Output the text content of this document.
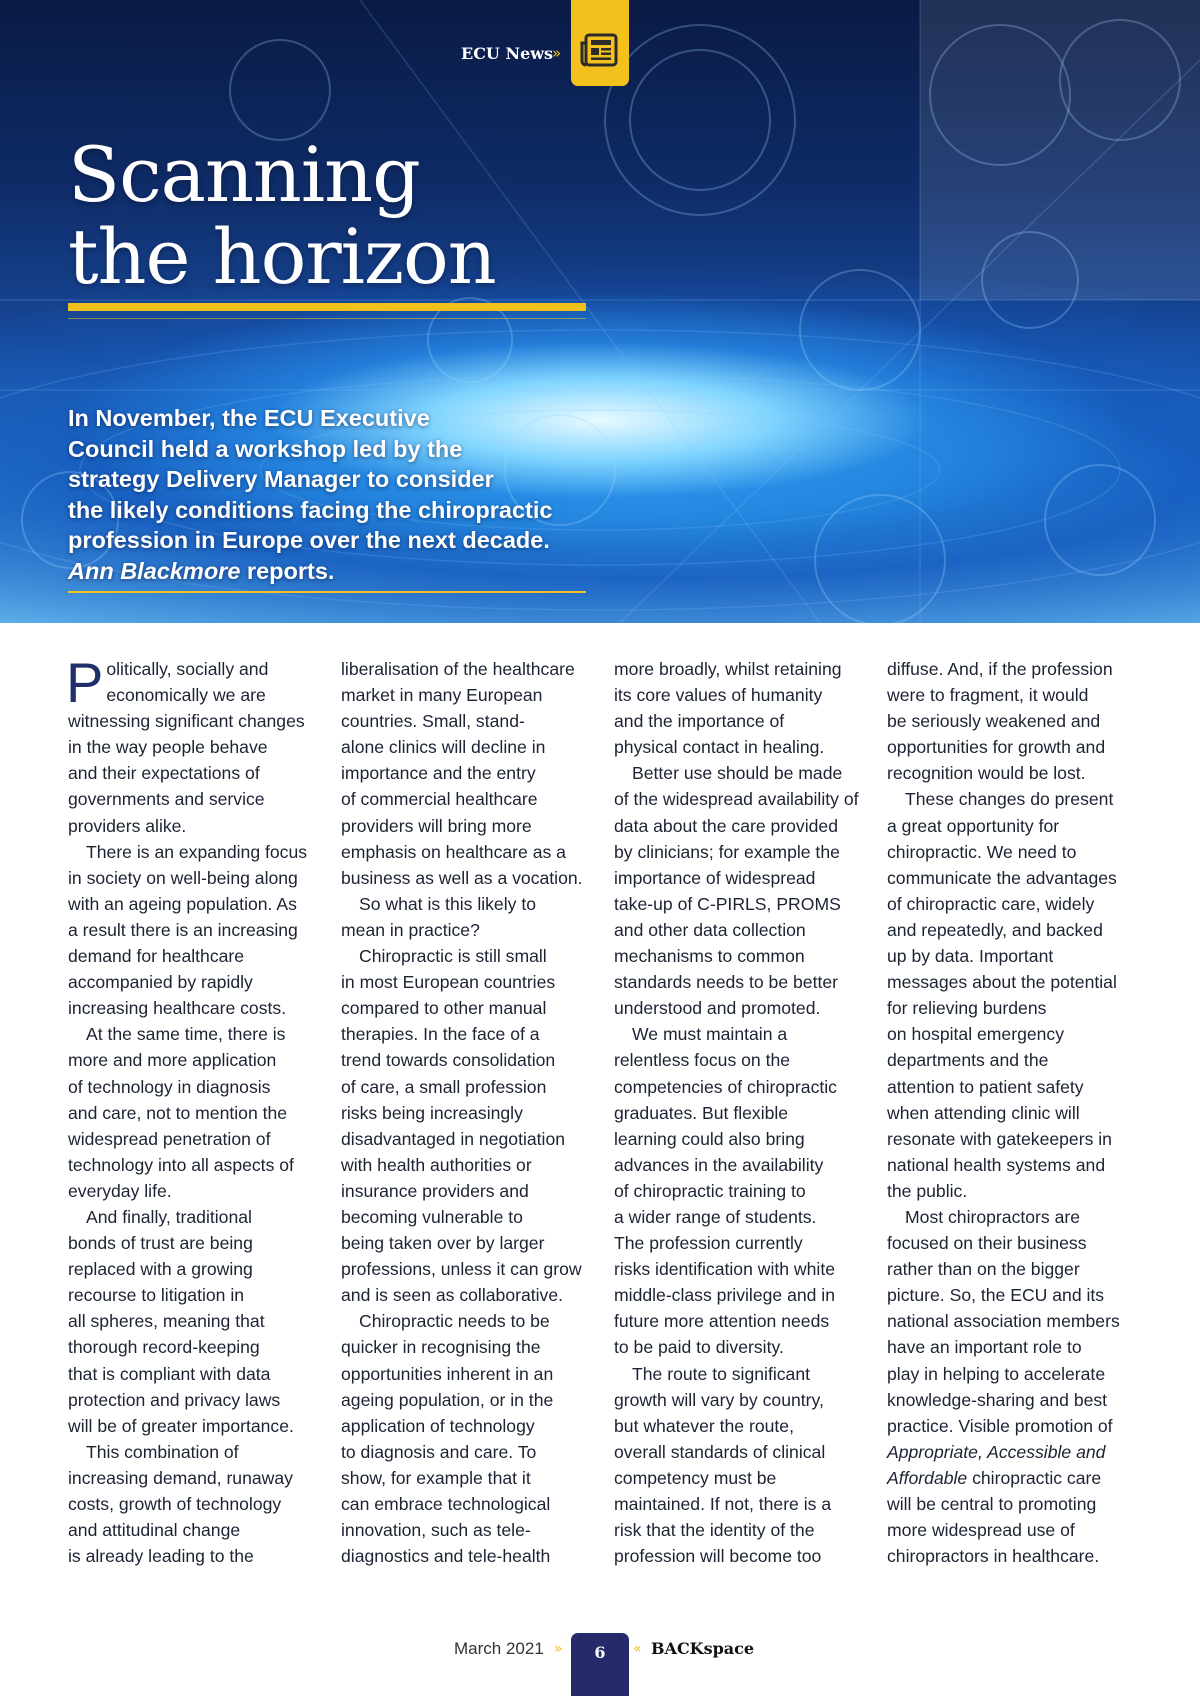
ECU News
»
Scanning
the horizon

In November, the ECU Executive
Council held a workshop led by the
strategy Delivery Manager to consider
the likely conditions facing the chiropractic
profession in Europe over the next decade.
Ann Blackmore reports.

Politically, socially and
economically we are
witnessing significant changes
in the way people behave
and their expectations of
governments and service
providers alike.
There is an expanding focus
in society on well-being along
with an ageing population. As
a result there is an increasing
demand for healthcare
accompanied by rapidly
increasing healthcare costs.
At the same time, there is
more and more application
of technology in diagnosis
and care, not to mention the
widespread penetration of
technology into all aspects of
everyday life.
And finally, traditional
bonds of trust are being
replaced with a growing
recourse to litigation in
all spheres, meaning that
thorough record-keeping
that is compliant with data
protection and privacy laws
will be of greater importance.
This combination of
increasing demand, runaway
costs, growth of technology
and attitudinal change
is already leading to the
liberalisation of the healthcare
market in many European
countries. Small, stand-
alone clinics will decline in
importance and the entry
of commercial healthcare
providers will bring more
emphasis on healthcare as a
business as well as a vocation.
So what is this likely to
mean in practice?
Chiropractic is still small
in most European countries
compared to other manual
therapies. In the face of a
trend towards consolidation
of care, a small profession
risks being increasingly
disadvantaged in negotiation
with health authorities or
insurance providers and
becoming vulnerable to
being taken over by larger
professions, unless it can grow
and is seen as collaborative.
Chiropractic needs to be
quicker in recognising the
opportunities inherent in an
ageing population, or in the
application of technology
to diagnosis and care. To
show, for example that it
can embrace technological
innovation, such as tele-
diagnostics and tele-health
more broadly, whilst retaining
its core values of humanity
and the importance of
physical contact in healing.
Better use should be made
of the widespread availability of
data about the care provided
by clinicians; for example the
importance of widespread
take-up of C-PIRLS, PROMS
and other data collection
mechanisms to common
standards needs to be better
understood and promoted.
We must maintain a
relentless focus on the
competencies of chiropractic
graduates. But flexible
learning could also bring
advances in the availability
of chiropractic training to
a wider range of students.
The profession currently
risks identification with white
middle-class privilege and in
future more attention needs
to be paid to diversity.
The route to significant
growth will vary by country,
but whatever the route,
overall standards of clinical
competency must be
maintained. If not, there is a
risk that the identity of the
profession will become too
diffuse. And, if the profession
were to fragment, it would
be seriously weakened and
opportunities for growth and
recognition would be lost.
These changes do present
a great opportunity for
chiropractic. We need to
communicate the advantages
of chiropractic care, widely
and repeatedly, and backed
up by data. Important
messages about the potential
for relieving burdens
on hospital emergency
departments and the
attention to patient safety
when attending clinic will
resonate with gatekeepers in
national health systems and
the public.
Most chiropractors are
focused on their business
rather than on the bigger
picture. So, the ECU and its
national association members
have an important role to
play in helping to accelerate
knowledge-sharing and best
practice. Visible promotion of
Appropriate, Accessible and
Affordable chiropractic care
will be central to promoting
more widespread use of
chiropractors in healthcare.
March 2021 »	6	« BACKspace
